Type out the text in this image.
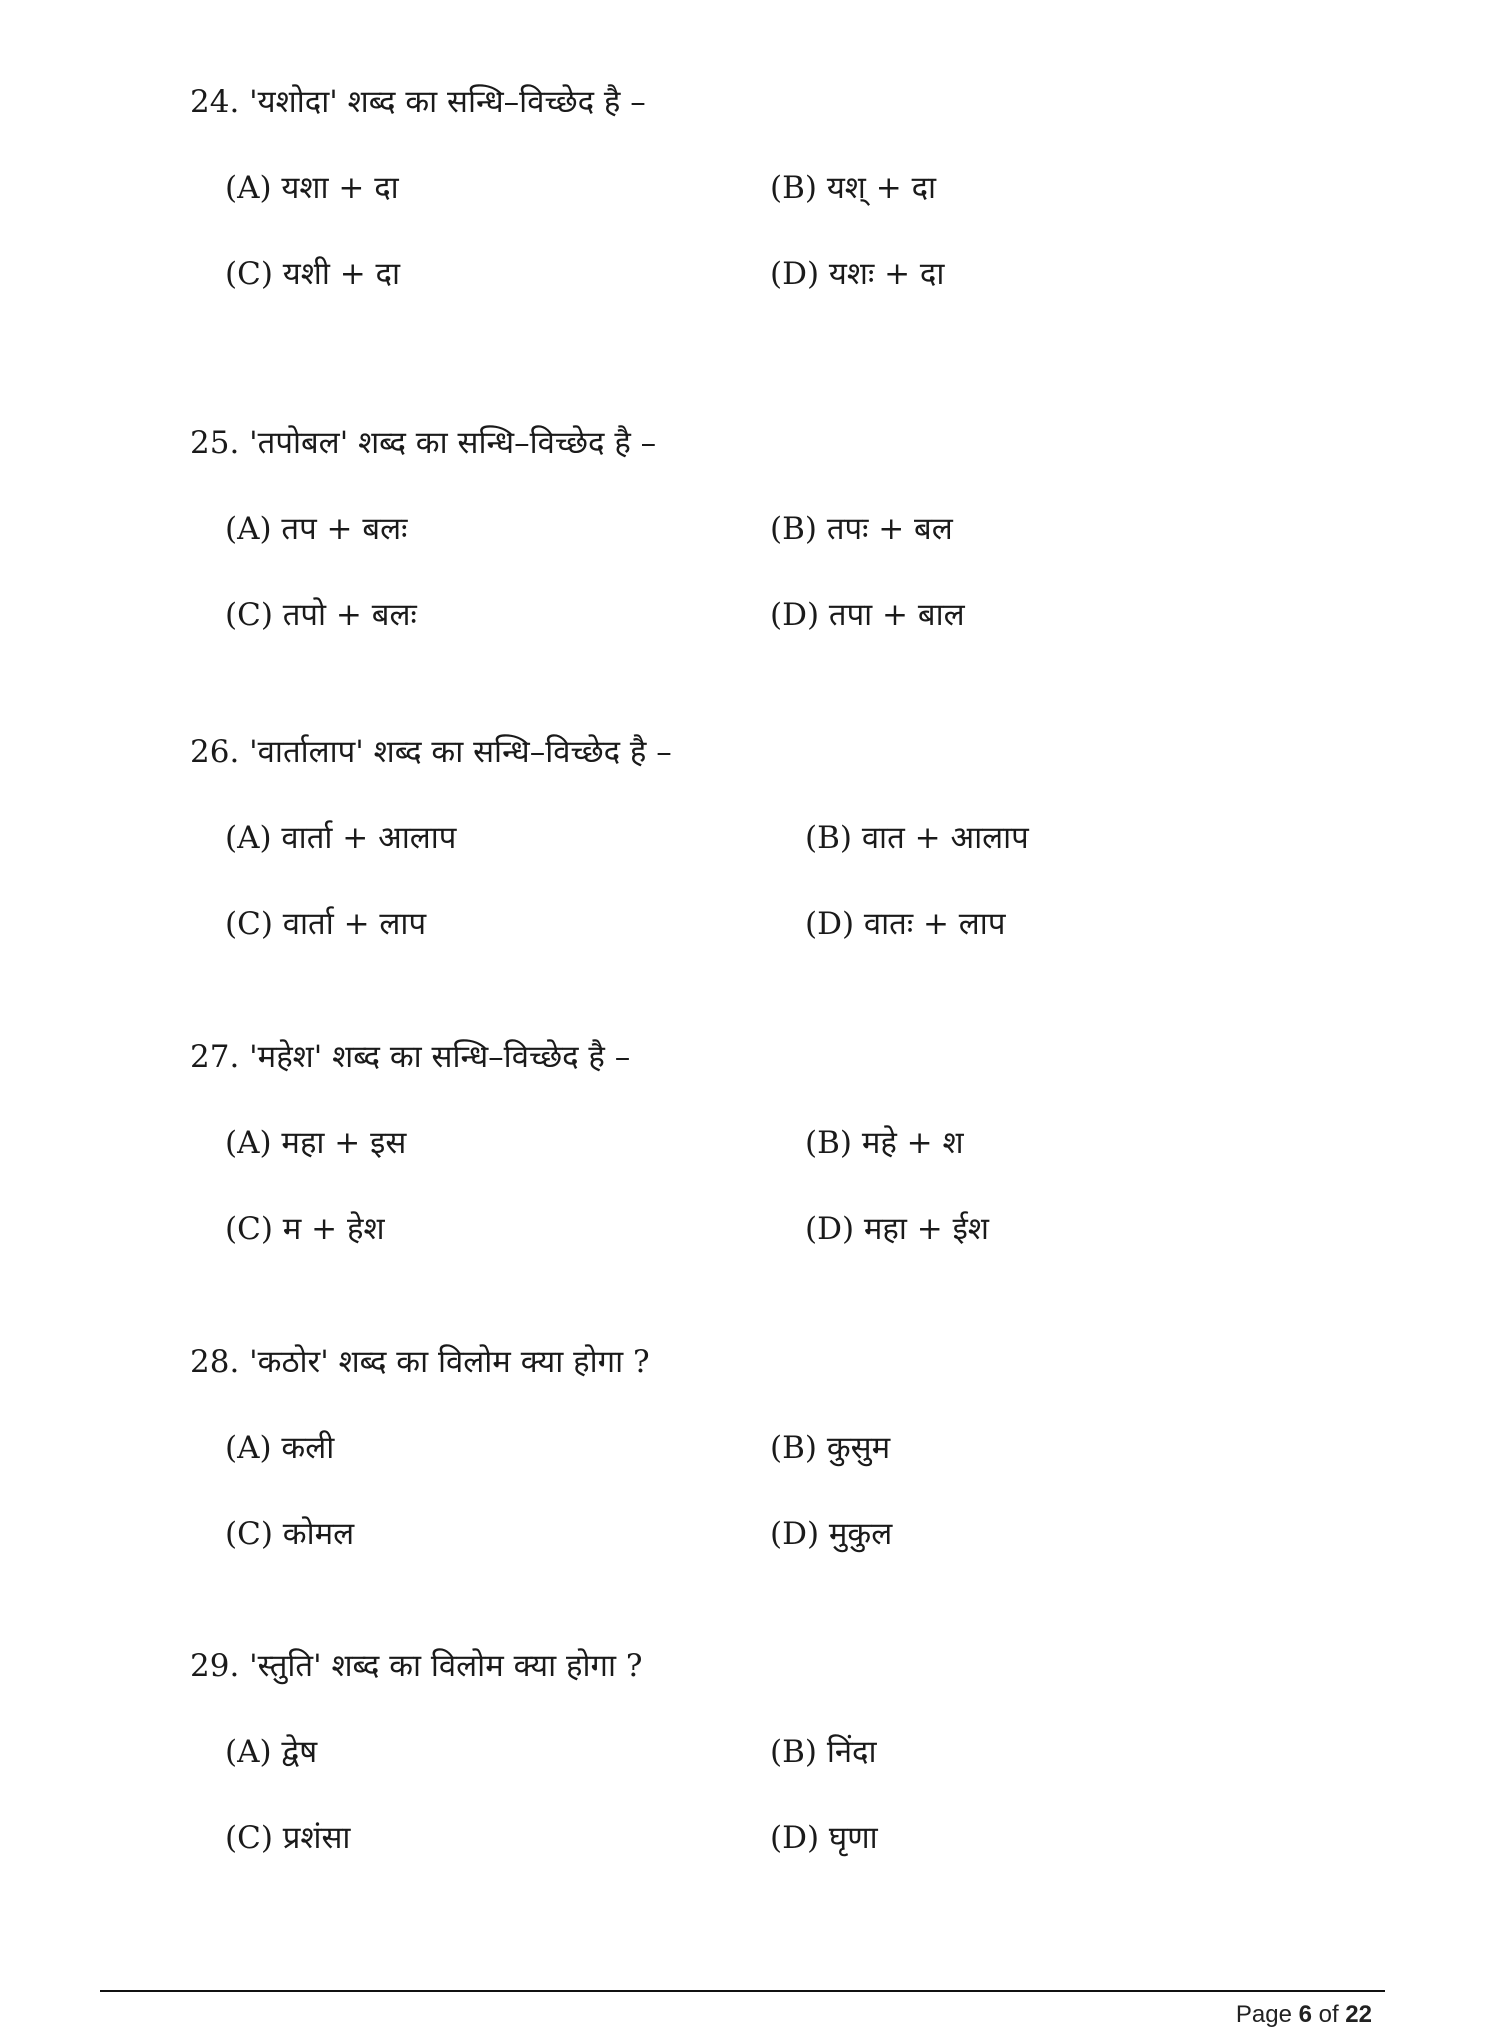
24. 'यशोदा' शब्द का सन्धि–विच्छेद है –
(A) यशा + दा	(B) यश् + दा
(C) यशी + दा	(D) यशः + दा
25. 'तपोबल' शब्द का सन्धि–विच्छेद है –
(A) तप + बलः	(B) तपः + बल
(C) तपो + बलः	(D) तपा + बाल
26. 'वार्तालाप' शब्द का सन्धि–विच्छेद है –
(A) वार्ता + आलाप	(B) वात + आलाप
(C) वार्ता + लाप	(D) वातः + लाप
27. 'महेश' शब्द का सन्धि–विच्छेद है –
(A) महा + इस	(B) महे + श
(C) म + हेश	(D) महा + ईश
28. 'कठोर' शब्द का विलोम क्या होगा ?
(A) कली	(B) कुसुम
(C) कोमल	(D) मुकुल
29. 'स्तुति' शब्द का विलोम क्या होगा ?
(A) द्वेष	(B) निंदा
(C) प्रशंसा	(D) घृणा
Page 6 of 22
